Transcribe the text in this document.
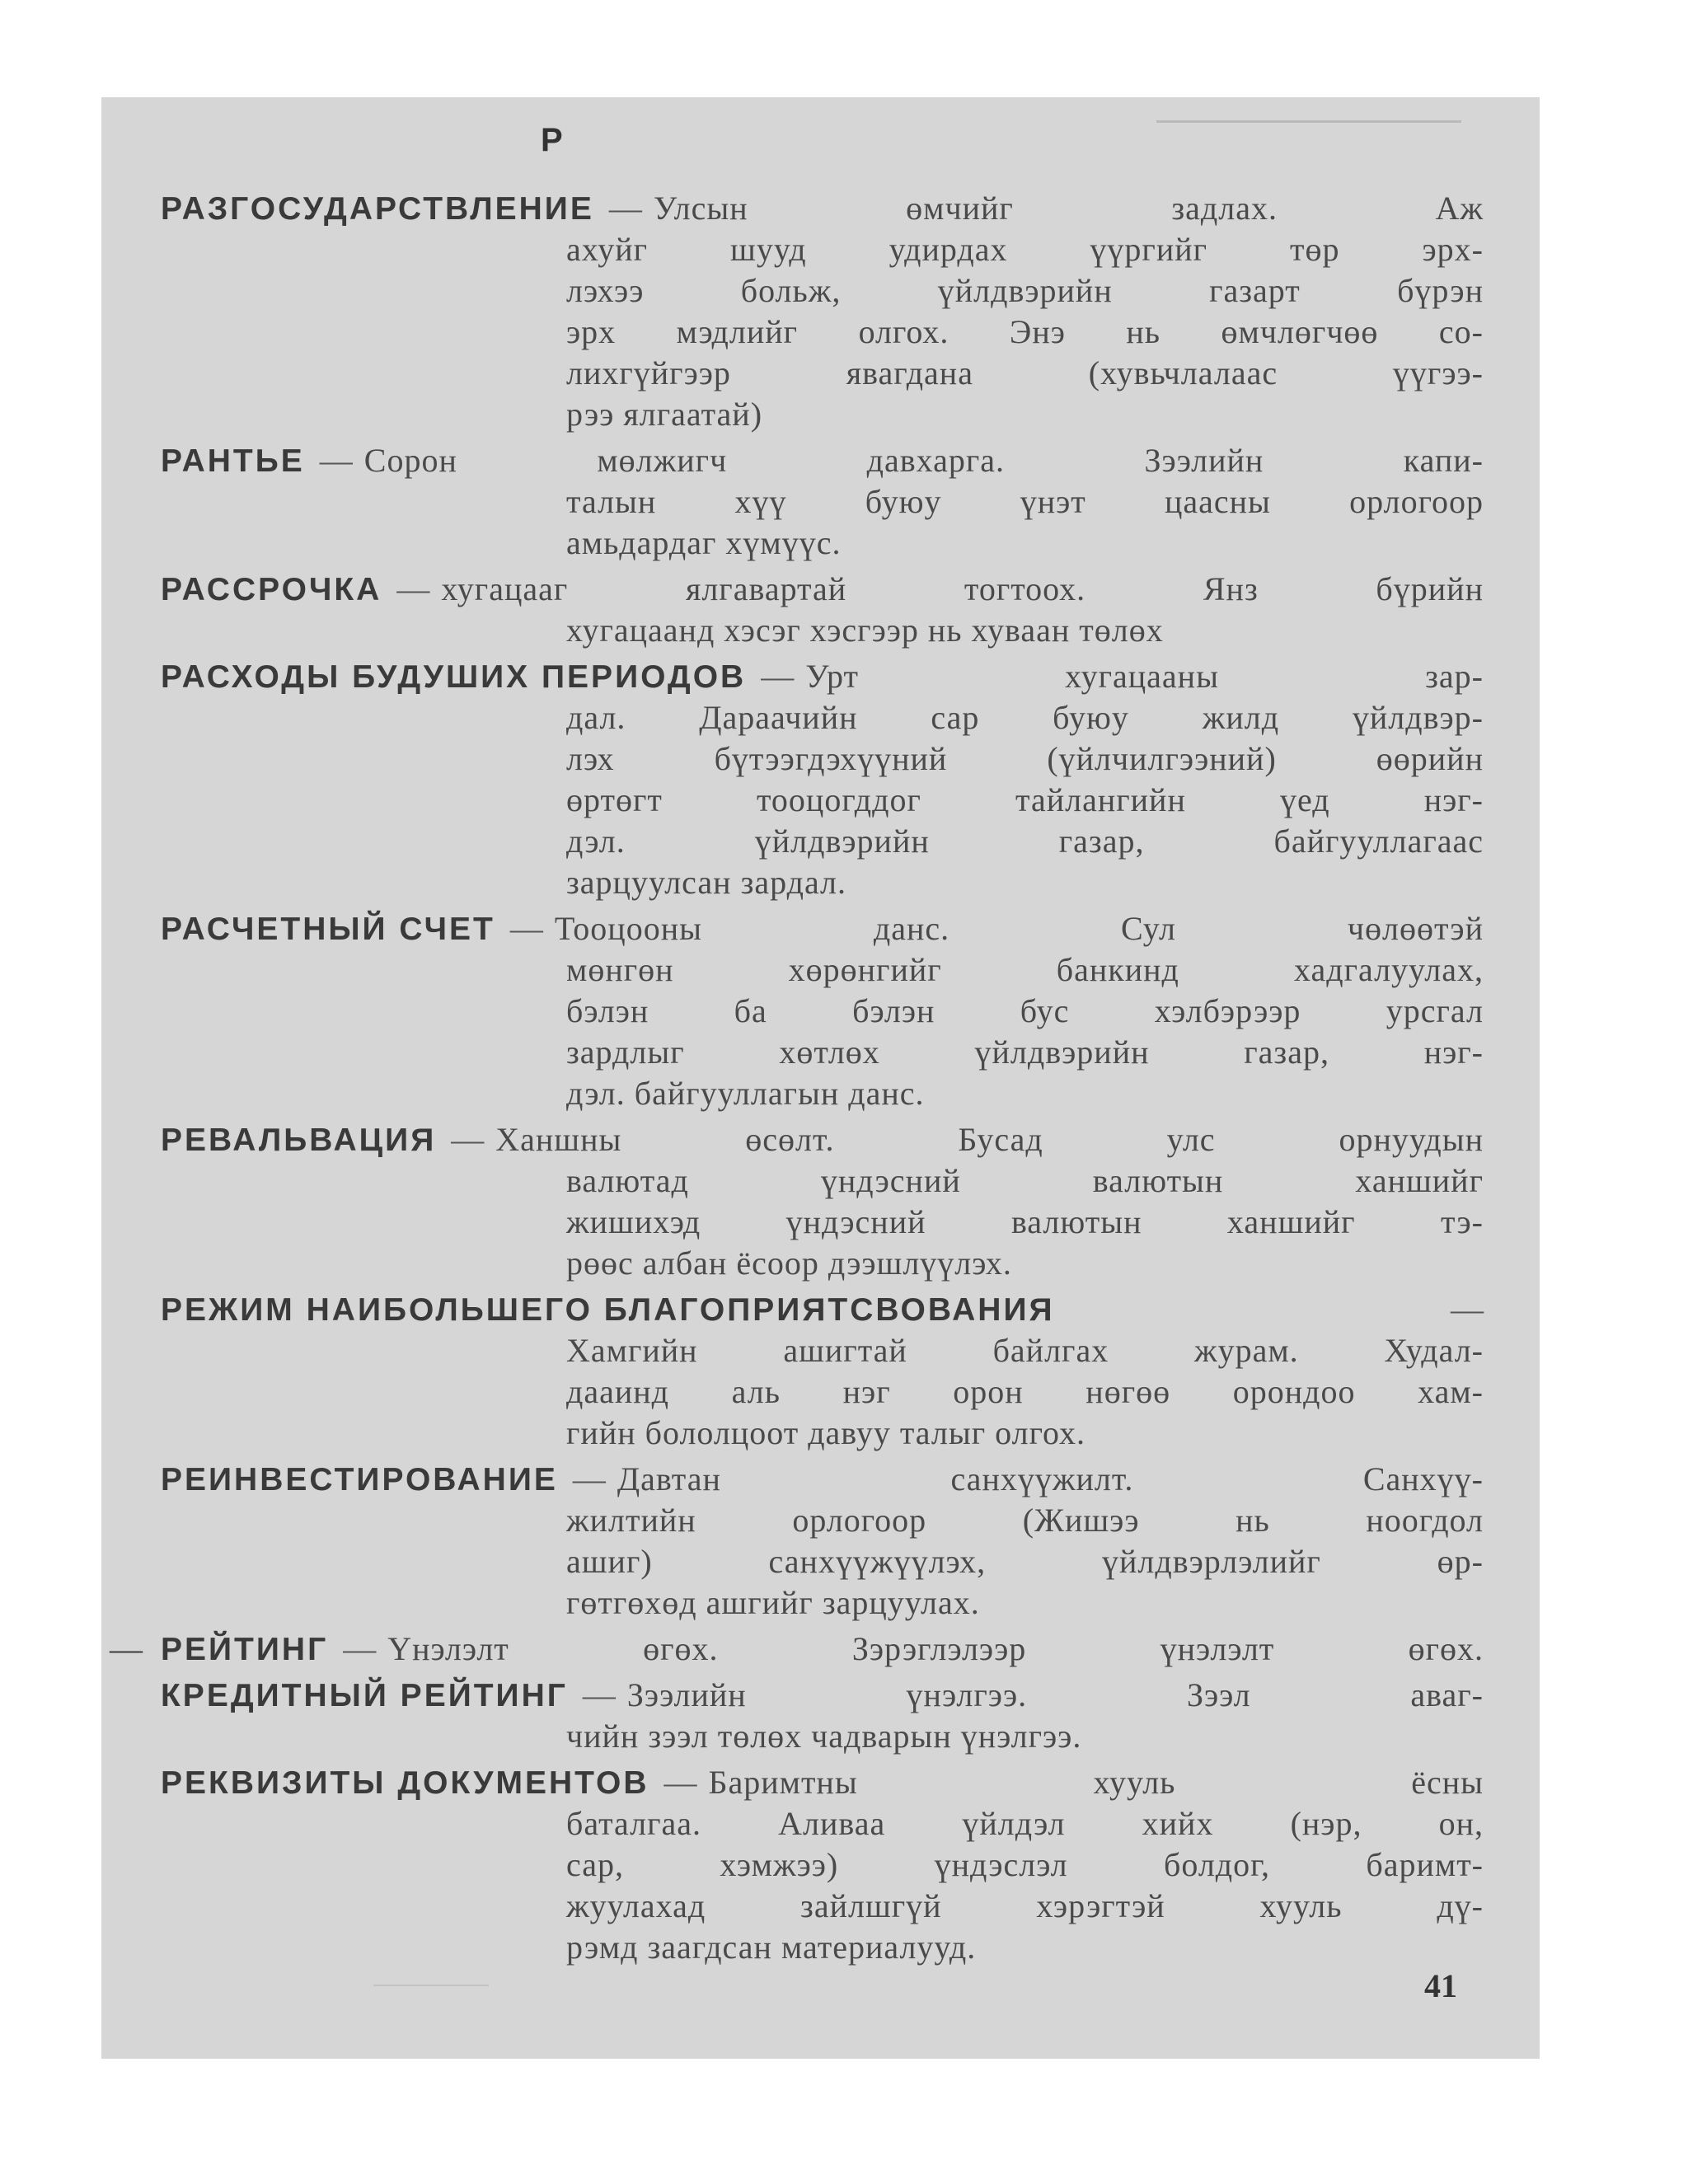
Р
РАЗГОСУДАРСТВЛЕНИЕ — Улсын өмчийг задлах. Аж
ахуйг шууд удирдах үүргийг төр эрх-
лэхээ больж, үйлдвэрийн газарт бүрэн
эрх мэдлийг олгох. Энэ нь өмчлөгчөө со-
лихгүйгээр явагдана (хувьчлалаас үүгээ-
рээ ялгаатай)
РАНТЬЕ — Сорон мөлжигч давхарга. Зээлийн капи-
талын хүү буюу үнэт цаасны орлогоор
амьдардаг хүмүүс.
РАССРОЧКА — хугацааг ялгавартай тогтоох. Янз бүрийн
хугацаанд хэсэг хэсгээр нь хуваан төлөх
РАСХОДЫ БУДУШИХ ПЕРИОДОВ — Урт хугацааны зар-
дал. Дараачийн сар буюу жилд үйлдвэр-
лэх бүтээгдэхүүний (үйлчилгээний) өөрийн
өртөгт тооцогддог тайлангийн үед нэг-
дэл. үйлдвэрийн газар, байгууллагаас
зарцуулсан зардал.
РАСЧЕТНЫЙ СЧЕТ — Тооцооны данс. Сул чөлөөтэй
мөнгөн хөрөнгийг банкинд хадгалуулах,
бэлэн ба бэлэн бус хэлбэрээр урсгал
зардлыг хөтлөх үйлдвэрийн газар, нэг-
дэл. байгууллагын данс.
РЕВАЛЬВАЦИЯ — Ханшны өсөлт. Бусад улс орнуудын
валютад үндэсний валютын ханшийг
жишихэд үндэсний валютын ханшийг тэ-
рөөс албан ёсоор дээшлүүлэх.
РЕЖИМ НАИБОЛЬШЕГО БЛАГОПРИЯТСВОВАНИЯ	—
Хамгийн ашигтай байлгах журам. Худал-
дааинд аль нэг орон нөгөө орондоо хам-
гийн бололцоот давуу талыг олгох.
РЕИНВЕСТИРОВАНИЕ — Давтан санхүүжилт. Санхүү-
жилтийн орлогоор (Жишээ нь ноогдол
ашиг) санхүүжүүлэх, үйлдвэрлэлийг өр-
гөтгөхөд ашгийг зарцуулах.
— РЕЙТИНГ — Үнэлэлт өгөх. Зэрэглэлээр үнэлэлт өгөх.
КРЕДИТНЫЙ РЕЙТИНГ — Зээлийн үнэлгээ. Зээл аваг-
чийн зээл төлөх чадварын үнэлгээ.
РЕКВИЗИТЫ ДОКУМЕНТОВ — Баримтны хууль ёсны
баталгаа. Аливаа үйлдэл хийх (нэр, он,
сар, хэмжээ) үндэслэл болдог, баримт-
жуулахад зайлшгүй хэрэгтэй хууль дү-
рэмд заагдсан материалууд.
41
